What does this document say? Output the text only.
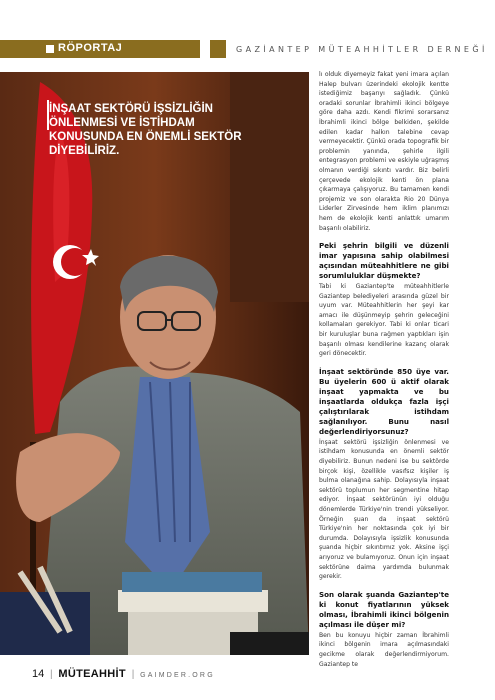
RÖPORTAJ	GAZİANTEP MÜTEAHHİTLER DERNEĞİ
İNŞAAT SEKTÖRÜ İŞSİZLİĞİN ÖNLENMESİ VE İSTİHDAM KONUSUNDA EN ÖNEMLİ SEKTÖR DİYEBİLİRİZ.

lı olduk diyemeyiz fakat yeni imara açılan Halep bulvarı üzerindeki ekolojik kentte istediğimiz başarıyı sağladık. Çünkü oradaki sorunlar İbrahimli ikinci bölgeye göre daha azdı. Kendi fikrimi sorarsanız İbrahimli ikinci bölge belkiden, şekilde edilen kadar halkın talebine cevap vermeyecektir. Çünkü orada topografik bir problemin yanında, şehirle ilgili entegrasyon problemi ve eskiyle uğraşmış olmanın verdiği sıkıntı vardır. Biz belirli çerçevede ekolojik kenti ön plana çıkarmaya çalışıyoruz. Bu tamamen kendi projemiz ve son olarakta Rio 20 Dünya Liderler Zirvesinde hem iklim planımızı hem de ekolojik kenti anlattık umarım başarılı olabiliriz.

Peki şehrin bilgili ve düzenli imar yapısına sahip olabilmesi açısından müteahhitlere ne gibi sorumluluklar düşmekte?

Tabi ki Gaziantep'te müteahhitlerle Gaziantep belediyeleri arasında güzel bir uyum var. Müteahhitlerin her şeyi kar amacı ile düşünmeyip şehrin geleceğini kollamaları gerekiyor. Tabi ki onlar ticari bir kuruluşlar buna rağmen yaptıkları işin başarılı olması kendilerine kazanç olarak geri dönecektir.

İnşaat sektöründe 850 üye var. Bu üyelerin 600 ü aktif olarak inşaat yapmakta ve bu inşaatlarda oldukça fazla işçi çalıştırılarak istihdam sağlanılıyor. Bunu nasıl değerlendiriyorsunuz?

İnşaat sektörü işsizliğin önlenmesi ve istihdam konusunda en önemli sektör diyebiliriz. Bunun nedeni ise bu sektörde birçok kişi, özellikle vasıfsız kişiler iş bulma olanağına sahip. Dolayısıyla inşaat sektörü toplumun her segmentine hitap ediyor. İnşaat sektörünün iyi olduğu dönemlerde Türkiye'nin trendi yükseliyor. Örneğin şuan da inşaat sektörü Türkiye'nin her noktasında çok iyi bir durumda. Dolayısıyla işsizlik konusunda şuanda hiçbir sıkıntımız yok. Aksine işçi arıyoruz ve bulamıyoruz. Onun için inşaat sektörüne daima yardımda bulunmak gerekir.

Son olarak şuanda Gaziantep'te ki konut fiyatlarının yüksek olması, İbrahimli ikinci bölgenin açılması ile düşer mi?

Ben bu konuyu hiçbir zaman İbrahimli ikinci bölgenin imara açılmasındaki gecikme olarak değerlendirmiyorum. Gaziantep te

14 | MÜTEAHHİT | GAIMDER.ORG
